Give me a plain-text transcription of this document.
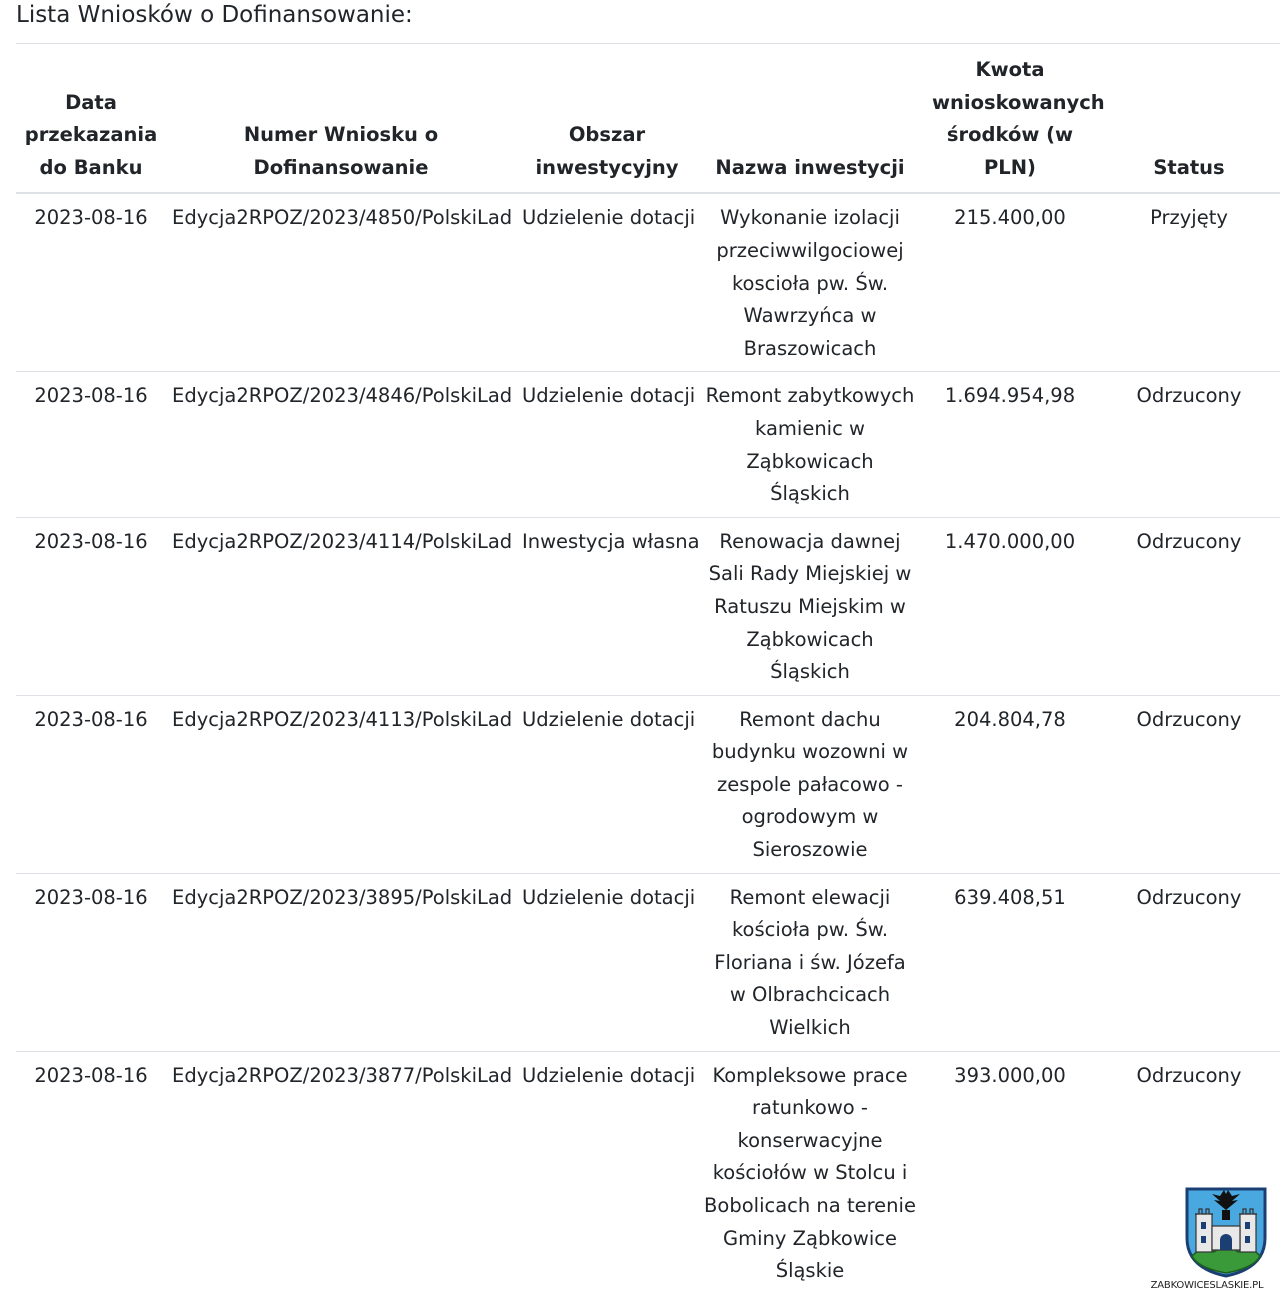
Lista Wniosków o Dofinansowanie:
Data przekazania do Banku	Numer Wniosku o Dofinansowanie	Obszar inwestycyjny	Nazwa inwestycji	Kwota wnioskowanych środków (w PLN)	Status
2023-08-16	Edycja2RPOZ/2023/4850/PolskiLad	Udzielenie dotacji	Wykonanie izolacji przeciwwilgociowej koscioła pw. Św. Wawrzyńca w Braszowicach	215.400,00	Przyjęty
2023-08-16	Edycja2RPOZ/2023/4846/PolskiLad	Udzielenie dotacji	Remont zabytkowych kamienic w Ząbkowicach Śląskich	1.694.954,98	Odrzucony
2023-08-16	Edycja2RPOZ/2023/4114/PolskiLad	Inwestycja własna	Renowacja dawnej Sali Rady Miejskiej w Ratuszu Miejskim w Ząbkowicach Śląskich	1.470.000,00	Odrzucony
2023-08-16	Edycja2RPOZ/2023/4113/PolskiLad	Udzielenie dotacji	Remont dachu budynku wozowni w zespole pałacowo - ogrodowym w Sieroszowie	204.804,78	Odrzucony
2023-08-16	Edycja2RPOZ/2023/3895/PolskiLad	Udzielenie dotacji	Remont elewacji kościoła pw. Św. Floriana i św. Józefa w Olbrachcicach Wielkich	639.408,51	Odrzucony
2023-08-16	Edycja2RPOZ/2023/3877/PolskiLad	Udzielenie dotacji	Kompleksowe prace ratunkowo - konserwacyjne kościołów w Stolcu i Bobolicach na terenie Gminy Ząbkowice Śląskie	393.000,00	Odrzucony
ZABKOWICESLASKIE.PL
